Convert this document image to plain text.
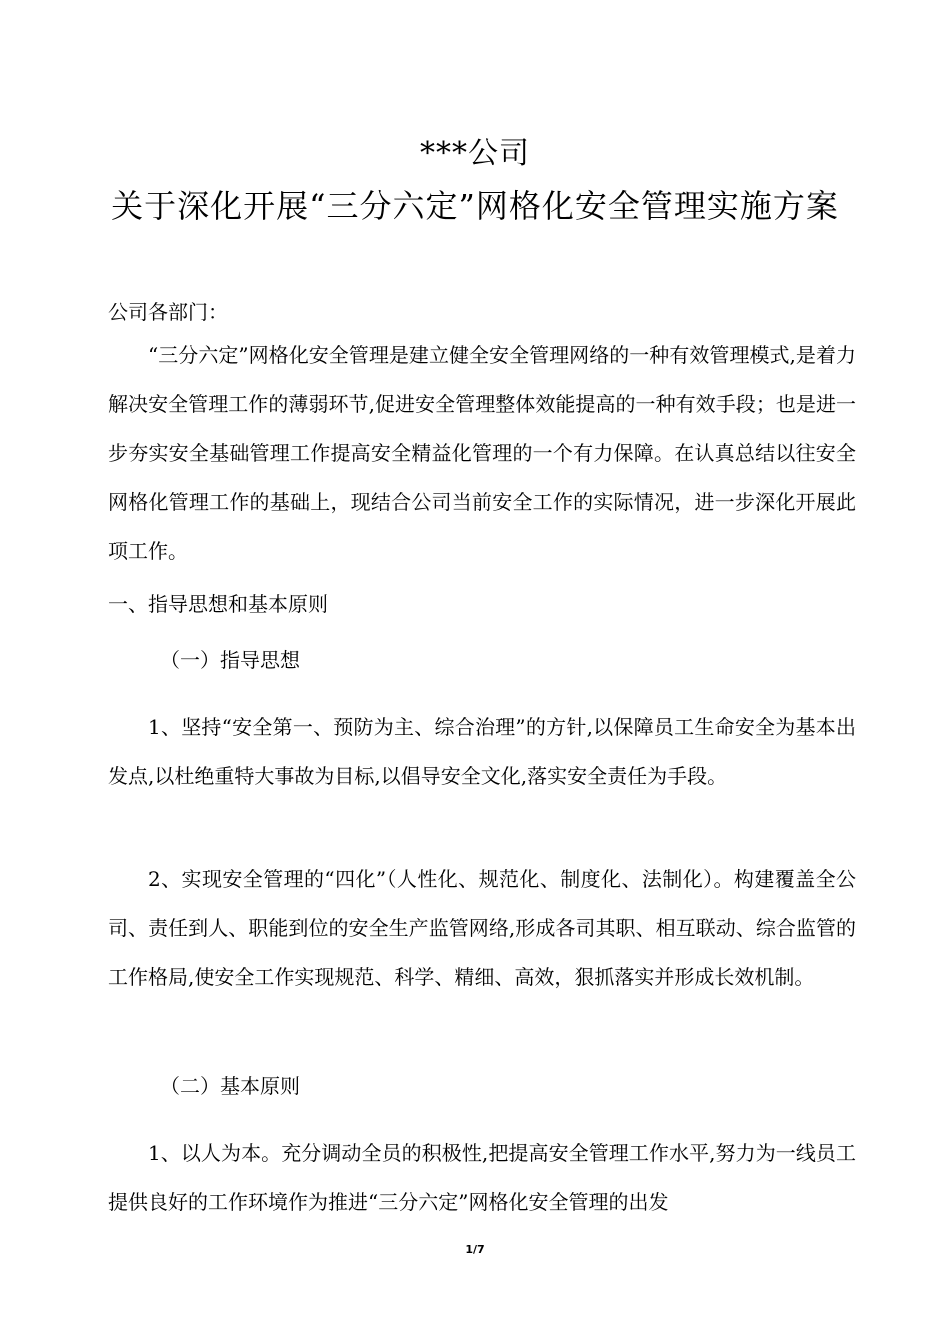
***公司
关于深化开展“三分六定”网格化安全管理实施方案
公司各部门：
“三分六定”网格化安全管理是建立健全安全管理网络的一种有效管理模式,是着力解决安全管理工作的薄弱环节,促进安全管理整体效能提高的一种有效手段；也是进一步夯实安全基础管理工作提高安全精益化管理的一个有力保障。在认真总结以往安全网格化管理工作的基础上，现结合公司当前安全工作的实际情况，进一步深化开展此项工作。
一、指导思想和基本原则
（一）指导思想
1、坚持“安全第一、预防为主、综合治理”的方针,以保障员工生命安全为基本出发点,以杜绝重特大事故为目标,以倡导安全文化,落实安全责任为手段。
2、实现安全管理的“四化”（人性化、规范化、制度化、法制化）。构建覆盖全公司、责任到人、职能到位的安全生产监管网络,形成各司其职、相互联动、综合监管的工作格局,使安全工作实现规范、科学、精细、高效，狠抓落实并形成长效机制。
（二）基本原则
1、以人为本。充分调动全员的积极性,把提高安全管理工作水平,努力为一线员工提供良好的工作环境作为推进“三分六定”网格化安全管理的出发
1/7
